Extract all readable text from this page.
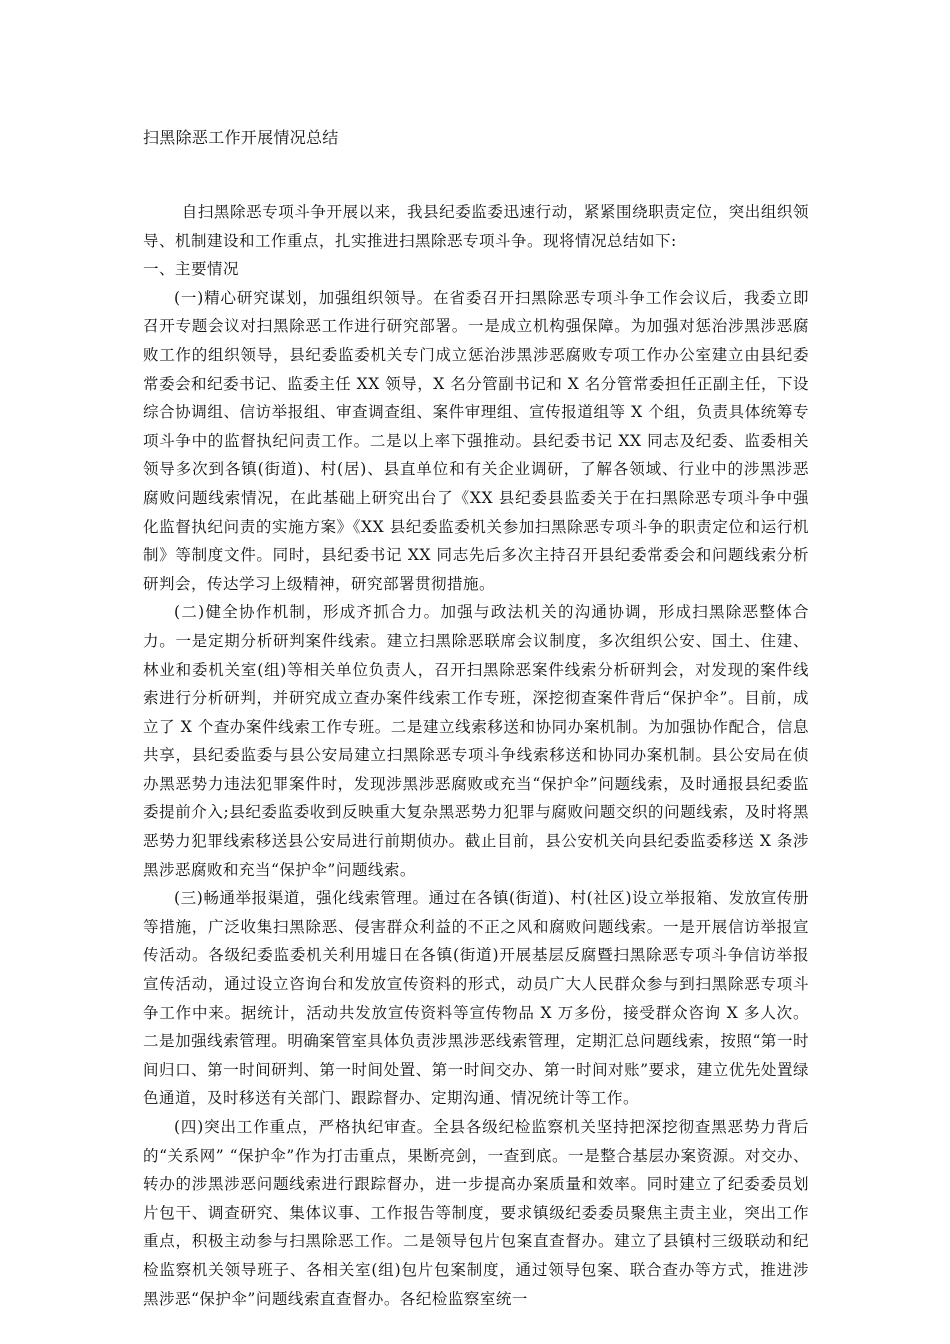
扫黑除恶工作开展情况总结

自扫黑除恶专项斗争开展以来，我县纪委监委迅速行动，紧紧围绕职责定位，突出组织领导、机制建设和工作重点，扎实推进扫黑除恶专项斗争。现将情况总结如下:

一、主要情况

(一)精心研究谋划，加强组织领导。在省委召开扫黑除恶专项斗争工作会议后，我委立即召开专题会议对扫黑除恶工作进行研究部署。一是成立机构强保障。为加强对惩治涉黑涉恶腐败工作的组织领导，县纪委监委机关专门成立惩治涉黑涉恶腐败专项工作办公室建立由县纪委常委会和纪委书记、监委主任 XX 领导，X 名分管副书记和 X 名分管常委担任正副主任，下设综合协调组、信访举报组、审查调查组、案件审理组、宣传报道组等 X 个组，负责具体统筹专项斗争中的监督执纪问责工作。二是以上率下强推动。县纪委书记 XX 同志及纪委、监委相关领导多次到各镇(街道)、村(居)、县直单位和有关企业调研，了解各领域、行业中的涉黑涉恶腐败问题线索情况，在此基础上研究出台了《XX 县纪委县监委关于在扫黑除恶专项斗争中强化监督执纪问责的实施方案》《XX 县纪委监委机关参加扫黑除恶专项斗争的职责定位和运行机制》等制度文件。同时，县纪委书记 XX 同志先后多次主持召开县纪委常委会和问题线索分析研判会，传达学习上级精神，研究部署贯彻措施。

(二)健全协作机制，形成齐抓合力。加强与政法机关的沟通协调，形成扫黑除恶整体合力。一是定期分析研判案件线索。建立扫黑除恶联席会议制度，多次组织公安、国土、住建、林业和委机关室(组)等相关单位负责人，召开扫黑除恶案件线索分析研判会，对发现的案件线索进行分析研判，并研究成立查办案件线索工作专班，深挖彻查案件背后“保护伞”。目前，成立了 X 个查办案件线索工作专班。二是建立线索移送和协同办案机制。为加强协作配合，信息共享，县纪委监委与县公安局建立扫黑除恶专项斗争线索移送和协同办案机制。县公安局在侦办黑恶势力违法犯罪案件时，发现涉黑涉恶腐败或充当“保护伞”问题线索，及时通报县纪委监委提前介入;县纪委监委收到反映重大复杂黑恶势力犯罪与腐败问题交织的问题线索，及时将黑恶势力犯罪线索移送县公安局进行前期侦办。截止目前，县公安机关向县纪委监委移送 X 条涉黑涉恶腐败和充当“保护伞”问题线索。

(三)畅通举报渠道，强化线索管理。通过在各镇(街道)、村(社区)设立举报箱、发放宣传册等措施，广泛收集扫黑除恶、侵害群众利益的不正之风和腐败问题线索。一是开展信访举报宣传活动。各级纪委监委机关利用墟日在各镇(街道)开展基层反腐暨扫黑除恶专项斗争信访举报宣传活动，通过设立咨询台和发放宣传资料的形式，动员广大人民群众参与到扫黑除恶专项斗争工作中来。据统计，活动共发放宣传资料等宣传物品 X 万多份，接受群众咨询 X 多人次。二是加强线索管理。明确案管室具体负责涉黑涉恶线索管理，定期汇总问题线索，按照“第一时间归口、第一时间研判、第一时间处置、第一时间交办、第一时间对账”要求，建立优先处置绿色通道，及时移送有关部门、跟踪督办、定期沟通、情况统计等工作。

(四)突出工作重点，严格执纪审查。全县各级纪检监察机关坚持把深挖彻查黑恶势力背后的“关系网” “保护伞”作为打击重点，果断亮剑，一查到底。一是整合基层办案资源。对交办、转办的涉黑涉恶问题线索进行跟踪督办，进一步提高办案质量和效率。同时建立了纪委委员划片包干、调查研究、集体议事、工作报告等制度，要求镇级纪委委员聚焦主责主业，突出工作重点，积极主动参与扫黑除恶工作。二是领导包片包案直查督办。建立了县镇村三级联动和纪检监察机关领导班子、各相关室(组)包片包案制度，通过领导包案、联合查办等方式，推进涉黑涉恶“保护伞”问题线索直查督办。各纪检监察室统一
